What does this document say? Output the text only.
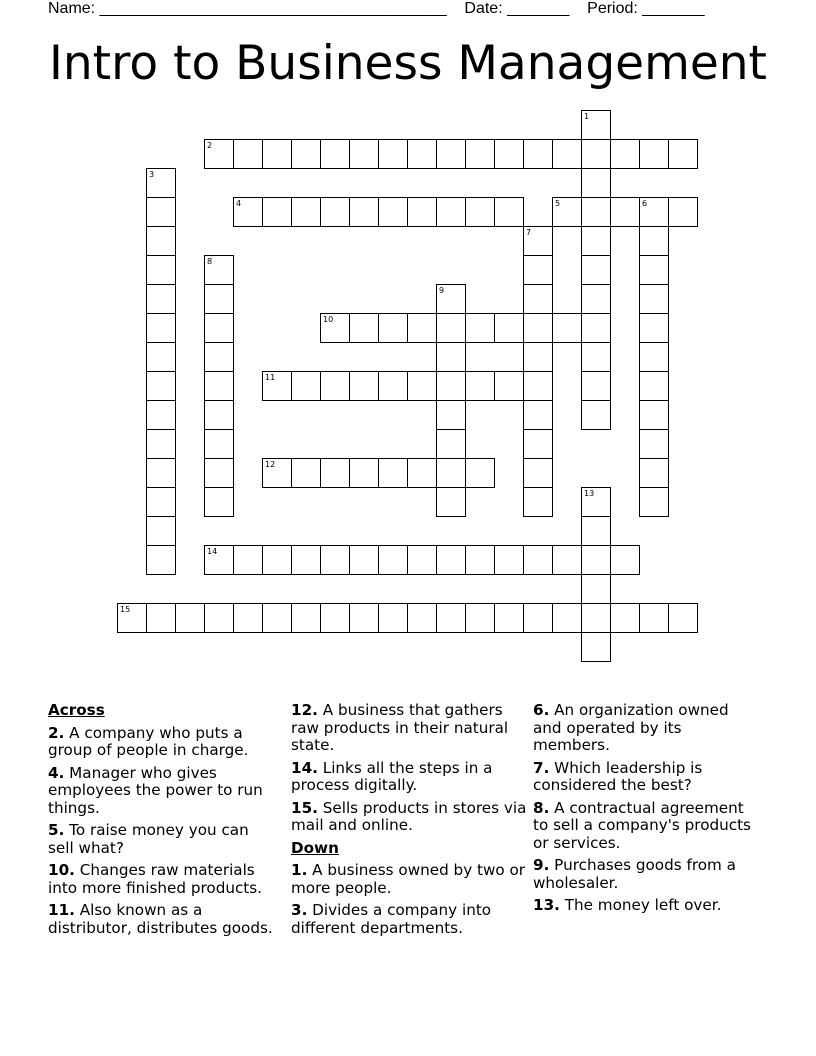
Name: _______________________________________    Date: _______    Period: _______
Intro to Business Management
1
2
3
4	5	6
7
8
9
10
11
12
13
14
15
Across
2. A company who puts a group of people in charge.
4. Manager who gives employees the power to run things.
5. To raise money you can sell what?
10. Changes raw materials into more finished products.
11. Also known as a distributor, distributes goods.
12. A business that gathers raw products in their natural state.
14. Links all the steps in a process digitally.
15. Sells products in stores via mail and online.
Down
1. A business owned by two or more people.
3. Divides a company into different departments.
6. An organization owned and operated by its members.
7. Which leadership is considered the best?
8. A contractual agreement to sell a company's products or services.
9. Purchases goods from a wholesaler.
13. The money left over.
